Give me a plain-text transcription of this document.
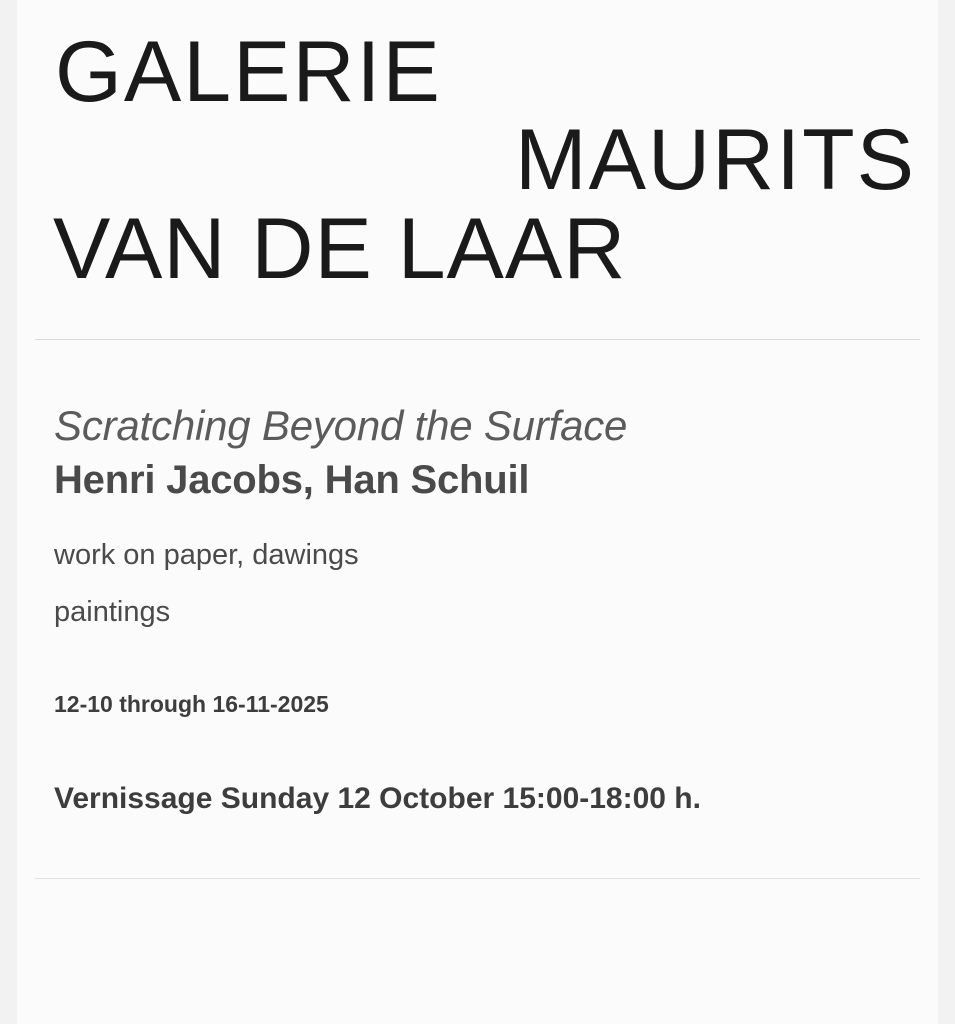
GALERIE
MAURITS
VAN DE LAAR
Scratching Beyond the Surface
Henri Jacobs, Han Schuil
work on paper, dawings
paintings
12-10 through 16-11-2025
Vernissage Sunday 12 October 15:00-18:00 h.
